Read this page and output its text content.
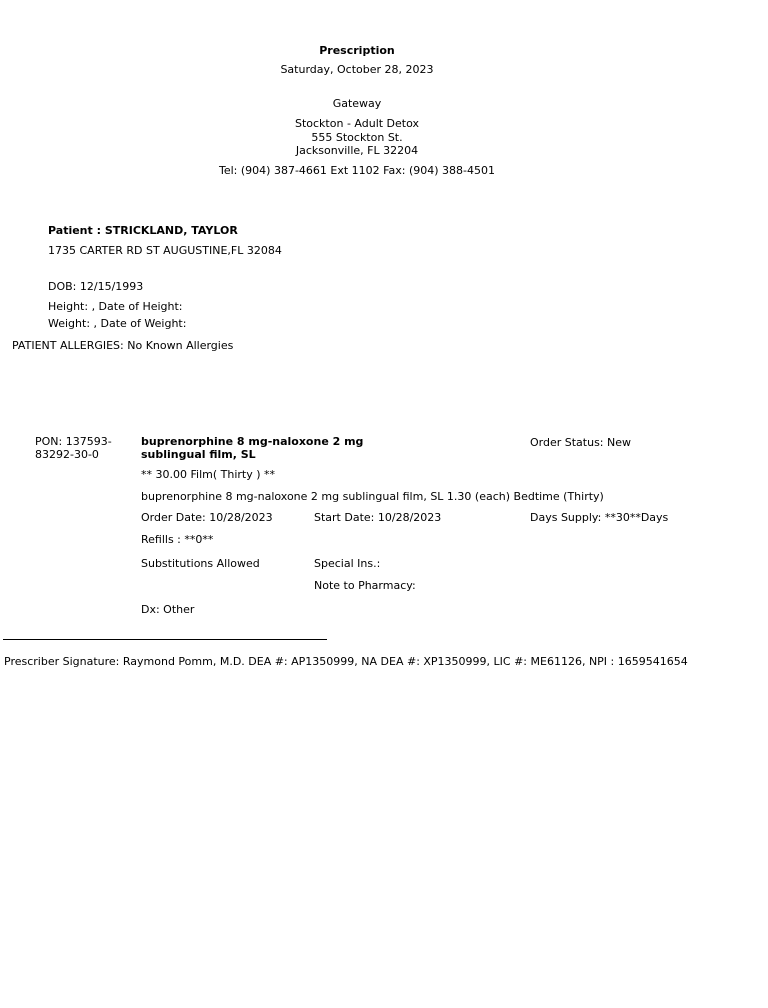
Prescription
Saturday, October 28, 2023
Gateway
Stockton - Adult Detox
555 Stockton St.
Jacksonville, FL 32204
Tel: (904) 387-4661 Ext 1102 Fax: (904) 388-4501
Patient : STRICKLAND, TAYLOR
1735 CARTER RD ST AUGUSTINE,FL 32084
DOB: 12/15/1993
Height: , Date of Height:
Weight: , Date of Weight:
PATIENT ALLERGIES: No Known Allergies
PON: 137593-83292-30-0
buprenorphine 8 mg-naloxone 2 mg sublingual film, SL
Order Status: New
** 30.00 Film( Thirty ) **
buprenorphine 8 mg-naloxone 2 mg sublingual film, SL 1.30 (each) Bedtime (Thirty)
Order Date: 10/28/2023	Start Date: 10/28/2023	Days Supply: **30**Days
Refills : **0**
Substitutions Allowed	Special Ins.:
Note to Pharmacy:
Dx: Other
Prescriber Signature: Raymond Pomm, M.D. DEA #: AP1350999, NA DEA #: XP1350999, LIC #: ME61126, NPI : 1659541654
